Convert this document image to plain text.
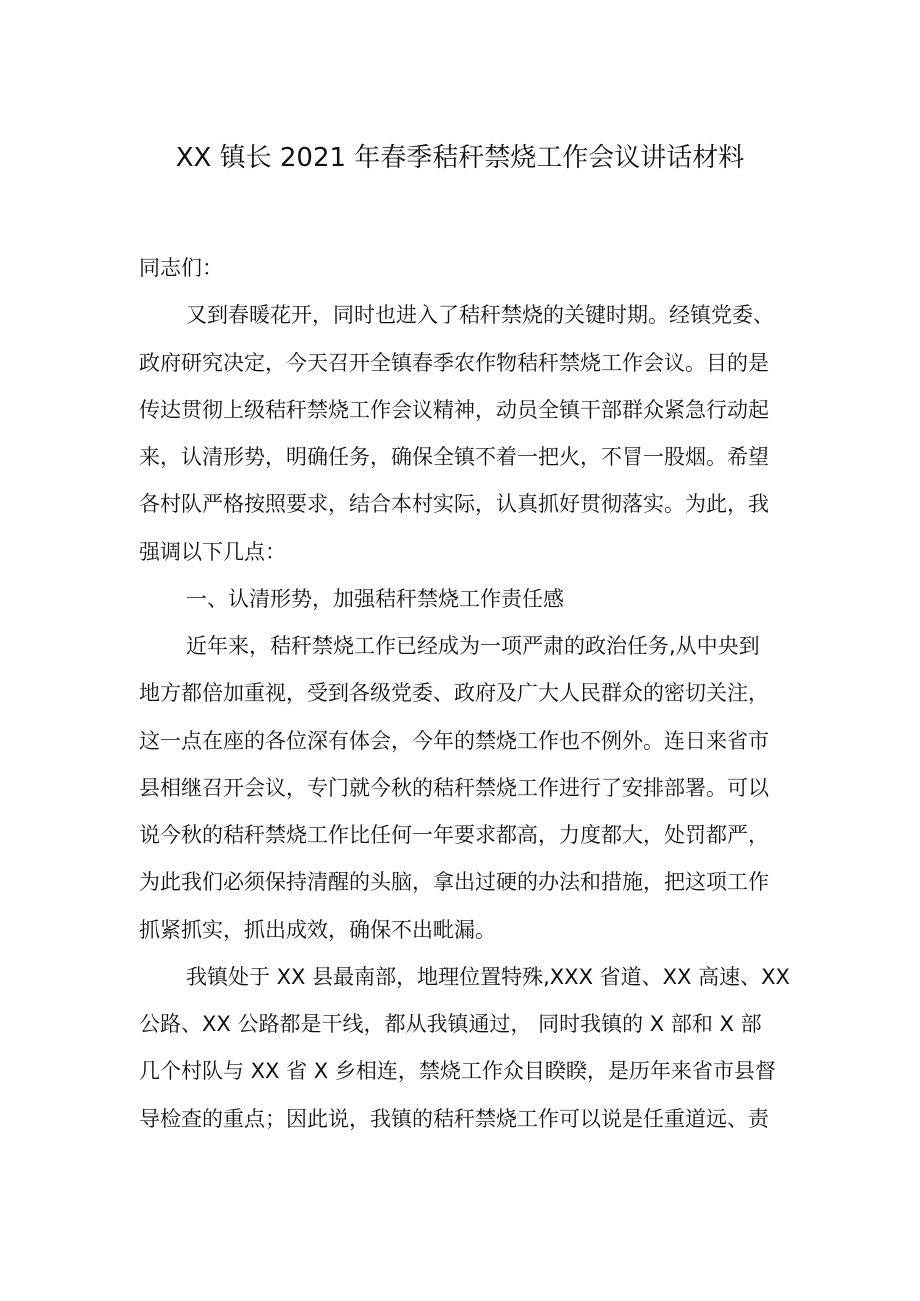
XX 镇长 2021 年春季秸秆禁烧工作会议讲话材料
同志们：
又到春暖花开，同时也进入了秸秆禁烧的关键时期。经镇党委、
政府研究决定，今天召开全镇春季农作物秸秆禁烧工作会议。目的是
传达贯彻上级秸秆禁烧工作会议精神，动员全镇干部群众紧急行动起
来，认清形势，明确任务，确保全镇不着一把火，不冒一股烟。希望
各村队严格按照要求，结合本村实际，认真抓好贯彻落实。为此，我
强调以下几点：
一、认清形势，加强秸秆禁烧工作责任感
近年来，秸秆禁烧工作已经成为一项严肃的政治任务,从中央到
地方都倍加重视，受到各级党委、政府及广大人民群众的密切关注，
这一点在座的各位深有体会，今年的禁烧工作也不例外。连日来省市
县相继召开会议，专门就今秋的秸秆禁烧工作进行了安排部署。可以
说今秋的秸秆禁烧工作比任何一年要求都高，力度都大，处罚都严，
为此我们必须保持清醒的头脑，拿出过硬的办法和措施，把这项工作
抓紧抓实，抓出成效，确保不出毗漏。
我镇处于 XX 县最南部，地理位置特殊,XXX 省道、XX 高速、XX
公路、XX 公路都是干线，都从我镇通过， 同时我镇的 X 部和 X 部
几个村队与 XX 省 X 乡相连，禁烧工作众目睽睽，是历年来省市县督
导检查的重点；因此说，我镇的秸秆禁烧工作可以说是任重道远、责
